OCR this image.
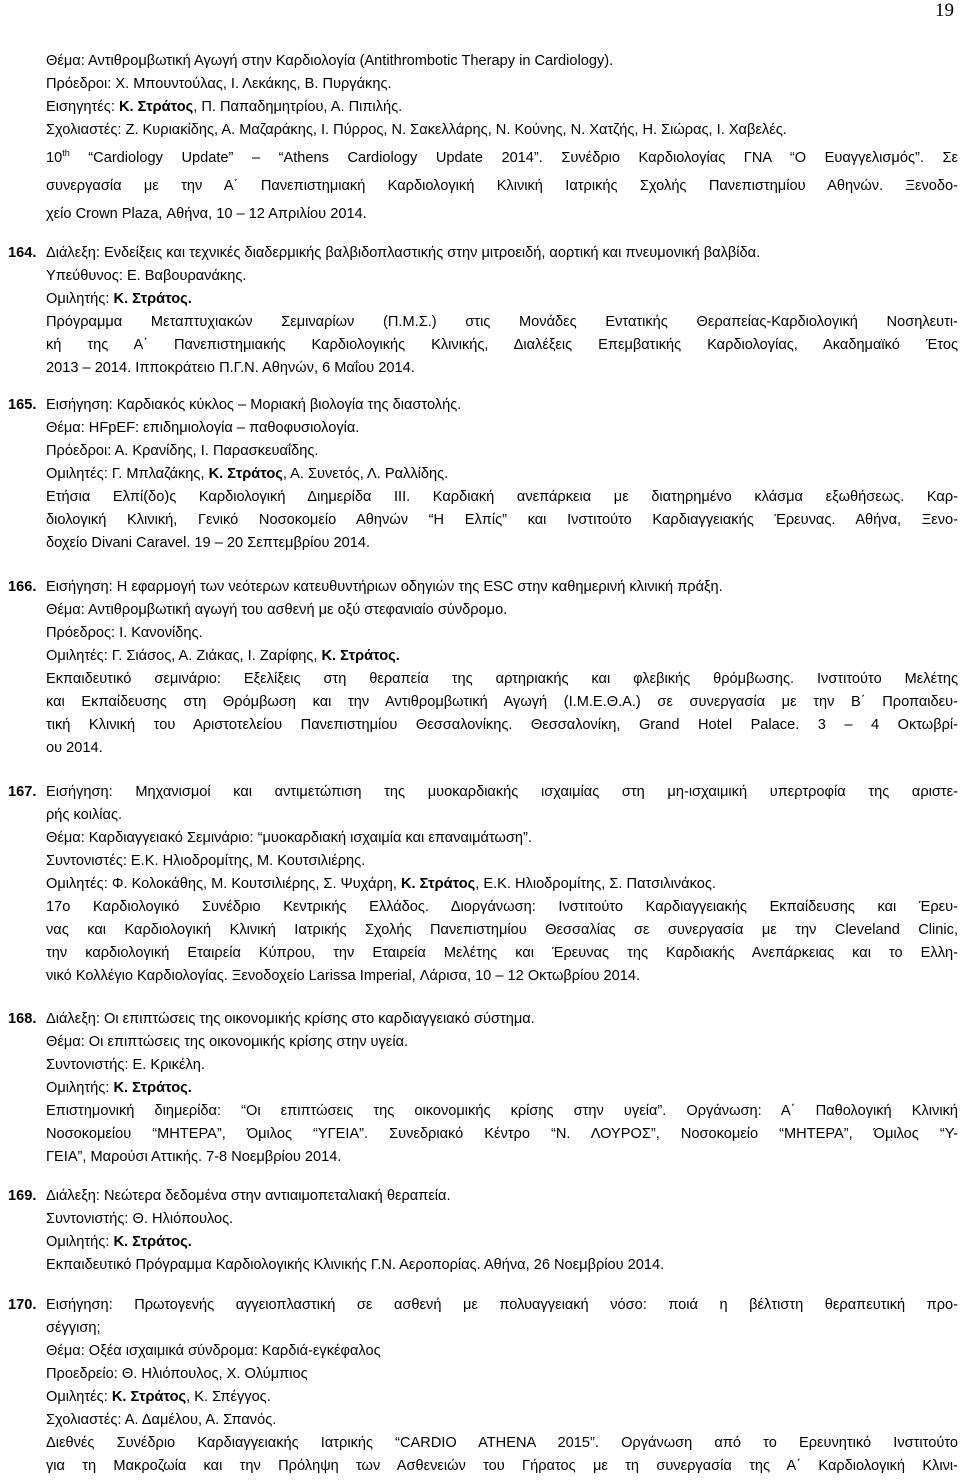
19
Θέμα: Αντιθρομβωτική Αγωγή στην Καρδιολογία (Antithrombotic Therapy in Cardiology).
Πρόεδροι: Χ. Μπουντούλας, Ι. Λεκάκης, Β. Πυργάκης.
Εισηγητές: Κ. Στράτος, Π. Παπαδημητρίου, Α. Πιπιλής.
Σχολιαστές: Ζ. Κυριακίδης, Α. Μαζαράκης, Ι. Πύρρος, Ν. Σακελλάρης, Ν. Κούνης, Ν. Χατζής, Η. Σιώρας, Ι. Χαβελές.
10th “Cardiology Update” – “Athens Cardiology Update 2014”. Συνέδριο Καρδιολογίας ΓΝΑ “Ο Ευαγγελισμός”. Σε
συνεργασία με την Α΄ Πανεπιστημιακή Καρδιολογική Κλινική Ιατρικής Σχολής Πανεπιστημίου Αθηνών. Ξενοδο-
χείο Crown Plaza, Αθήνα, 10 – 12 Απριλίου 2014.
164. Διάλεξη: Ενδείξεις και τεχνικές διαδερμικής βαλβιδοπλαστικής στην μιτροειδή, αορτική και πνευμονική βαλβίδα.
Υπεύθυνος: Ε. Βαβουρανάκης.
Ομιλητής: Κ. Στράτος.
Πρόγραμμα Μεταπτυχιακών Σεμιναρίων (Π.Μ.Σ.) στις Μονάδες Εντατικής Θεραπείας-Καρδιολογική Νοσηλευτι-
κή της Α΄ Πανεπιστημιακής Καρδιολογικής Κλινικής, Διαλέξεις Επεμβατικής Καρδιολογίας, Ακαδημαϊκό Έτος
2013 – 2014. Ιπποκράτειο Π.Γ.Ν. Αθηνών, 6 Μαΐου 2014.
165. Εισήγηση: Καρδιακός κύκλος – Μοριακή βιολογία της διαστολής.
Θέμα: HFpEF: επιδημιολογία – παθοφυσιολογία.
Πρόεδροι: Α. Κρανίδης, Ι. Παρασκευαΐδης.
Ομιλητές: Γ. Μπλαζάκης, Κ. Στράτος, Α. Συνετός, Λ. Ραλλίδης.
Ετήσια Ελπί(δο)ς Καρδιολογική Διημερίδα ΙΙΙ. Καρδιακή ανεπάρκεια με διατηρημένο κλάσμα εξωθήσεως. Καρ-
διολογική Κλινική, Γενικό Νοσοκομείο Αθηνών “Η Ελπίς” και Ινστιτούτο Καρδιαγγειακής Έρευνας. Αθήνα, Ξενο-
δοχείο Divani Caravel. 19 – 20 Σεπτεμβρίου 2014.
166. Εισήγηση: Η εφαρμογή των νεότερων κατευθυντήριων οδηγιών της ESC στην καθημερινή κλινική πράξη.
Θέμα: Αντιθρομβωτική αγωγή του ασθενή με οξύ στεφανιαίο σύνδρομο.
Πρόεδρος: Ι. Κανονίδης.
Ομιλητές: Γ. Σιάσος, Α. Ζιάκας, Ι. Ζαρίφης, Κ. Στράτος.
Εκπαιδευτικό σεμινάριο: Εξελίξεις στη θεραπεία της αρτηριακής και φλεβικής θρόμβωσης. Ινστιτούτο Μελέτης
και Εκπαίδευσης στη Θρόμβωση και την Αντιθρομβωτική Αγωγή (Ι.Μ.Ε.Θ.Α.) σε συνεργασία με την Β΄ Προπαιδευ-
τική Κλινική του Αριστοτελείου Πανεπιστημίου Θεσσαλονίκης. Θεσσαλονίκη, Grand Hotel Palace. 3 – 4 Οκτωβρί-
ου 2014.
167. Εισήγηση: Μηχανισμοί και αντιμετώπιση της μυοκαρδιακής ισχαιμίας στη μη-ισχαιμική υπερτροφία της αριστε-
ρής κοιλίας.
Θέμα: Καρδιαγγειακό Σεμινάριο: “μυοκαρδιακή ισχαιμία και επαναιμάτωση”.
Συντονιστές: Ε.Κ. Ηλιοδρομίτης, Μ. Κουτσιλιέρης.
Ομιλητές: Φ. Κολοκάθης, Μ. Κουτσιλιέρης, Σ. Ψυχάρη, Κ. Στράτος, Ε.Κ. Ηλιοδρομίτης, Σ. Πατσιλινάκος.
17ο Καρδιολογικό Συνέδριο Κεντρικής Ελλάδος. Διοργάνωση: Ινστιτούτο Καρδιαγγειακής Εκπαίδευσης και Έρευ-
νας και Καρδιολογική Κλινική Ιατρικής Σχολής Πανεπιστημίου Θεσσαλίας σε συνεργασία με την Cleveland Clinic,
την καρδιολογική Εταιρεία Κύπρου, την Εταιρεία Μελέτης και Έρευνας της Καρδιακής Ανεπάρκειας και το Ελλη-
νικό Κολλέγιο Καρδιολογίας. Ξενοδοχείο Larissa Imperial, Λάρισα, 10 – 12 Οκτωβρίου 2014.
168. Διάλεξη: Οι επιπτώσεις της οικονομικής κρίσης στο καρδιαγγειακό σύστημα.
Θέμα: Οι επιπτώσεις της οικονομικής κρίσης στην υγεία.
Συντονιστής: Ε. Κρικέλη.
Ομιλητής: Κ. Στράτος.
Επιστημονική διημερίδα: “Οι επιπτώσεις της οικονομικής κρίσης στην υγεία”. Οργάνωση: Α΄ Παθολογική Κλινική
Νοσοκομείου “ΜΗΤΕΡΑ”, Όμιλος “ΥΓΕΙΑ”. Συνεδριακό Κέντρο “Ν. ΛΟΥΡΟΣ”, Νοσοκομείο “ΜΗΤΕΡΑ”, Όμιλος “Υ-
ΓΕΙΑ”, Μαρούσι Αττικής. 7-8 Νοεμβρίου 2014.
169. Διάλεξη: Νεώτερα δεδομένα στην αντιαιμοπεταλιακή θεραπεία.
Συντονιστής: Θ. Ηλιόπουλος.
Ομιλητής: Κ. Στράτος.
Εκπαιδευτικό Πρόγραμμα Καρδιολογικής Κλινικής Γ.Ν. Αεροπορίας. Αθήνα, 26 Νοεμβρίου 2014.
170. Εισήγηση: Πρωτογενής αγγειοπλαστική σε ασθενή με πολυαγγειακή νόσο: ποιά η βέλτιστη θεραπευτική προ-
σέγγιση;
Θέμα: Οξέα ισχαιμικά σύνδρομα: Καρδιά-εγκέφαλος
Προεδρείο: Θ. Ηλιόπουλος, Χ. Ολύμπιος
Ομιλητές: Κ. Στράτος, Κ. Σπέγγος.
Σχολιαστές: Α. Δαμέλου, Α. Σπανός.
Διεθνές Συνέδριο Καρδιαγγειακής Ιατρικής “CARDIO ATHENA 2015”. Οργάνωση από το Ερευνητικό Ινστιτούτο
για τη Μακροζωία και την Πρόληψη των Ασθενειών του Γήρατος με τη συνεργασία της Α΄ Καρδιολογική Κλινι-
